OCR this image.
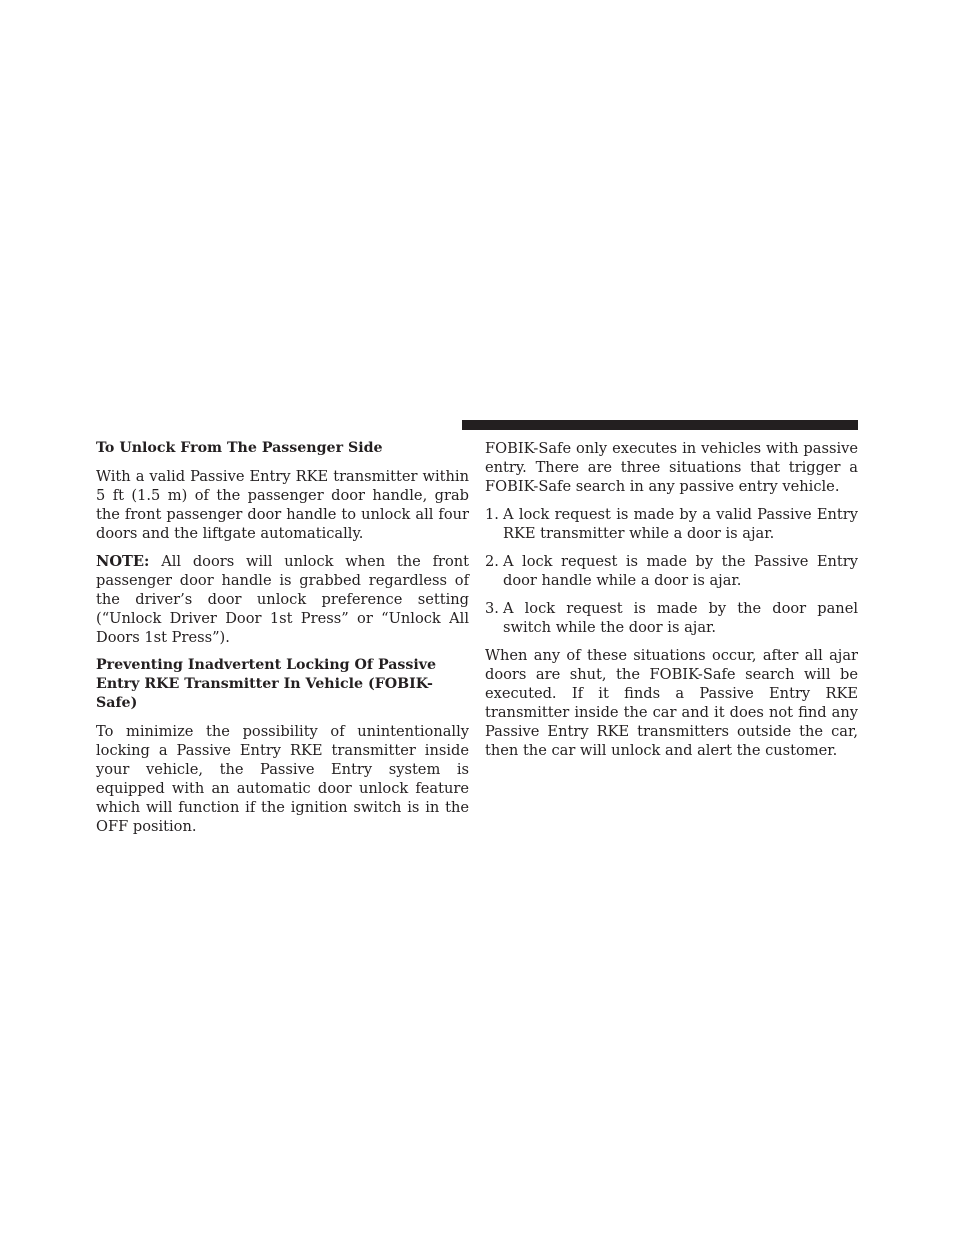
To Unlock From The Passenger Side

With a valid Passive Entry RKE transmitter within 5 ft (1.5 m) of the passenger door handle, grab the front passenger door handle to unlock all four doors and the liftgate automatically.

NOTE: All doors will unlock when the front passenger door handle is grabbed regardless of the driver’s door unlock preference setting (“Unlock Driver Door 1st Press” or “Unlock All Doors 1st Press”).

Preventing Inadvertent Locking Of Passive Entry RKE Transmitter In Vehicle (FOBIK-Safe)

To minimize the possibility of unintentionally locking a Passive Entry RKE transmitter inside your vehicle, the Passive Entry system is equipped with an automatic door unlock feature which will function if the ignition switch is in the OFF position.

FOBIK-Safe only executes in vehicles with passive entry. There are three situations that trigger a FOBIK-Safe search in any passive entry vehicle.

1. A lock request is made by a valid Passive Entry RKE transmitter while a door is ajar.
2. A lock request is made by the Passive Entry door handle while a door is ajar.
3. A lock request is made by the door panel switch while the door is ajar.

When any of these situations occur, after all ajar doors are shut, the FOBIK-Safe search will be executed. If it finds a Passive Entry RKE transmitter inside the car and it does not find any Passive Entry RKE transmitters outside the car, then the car will unlock and alert the customer.
